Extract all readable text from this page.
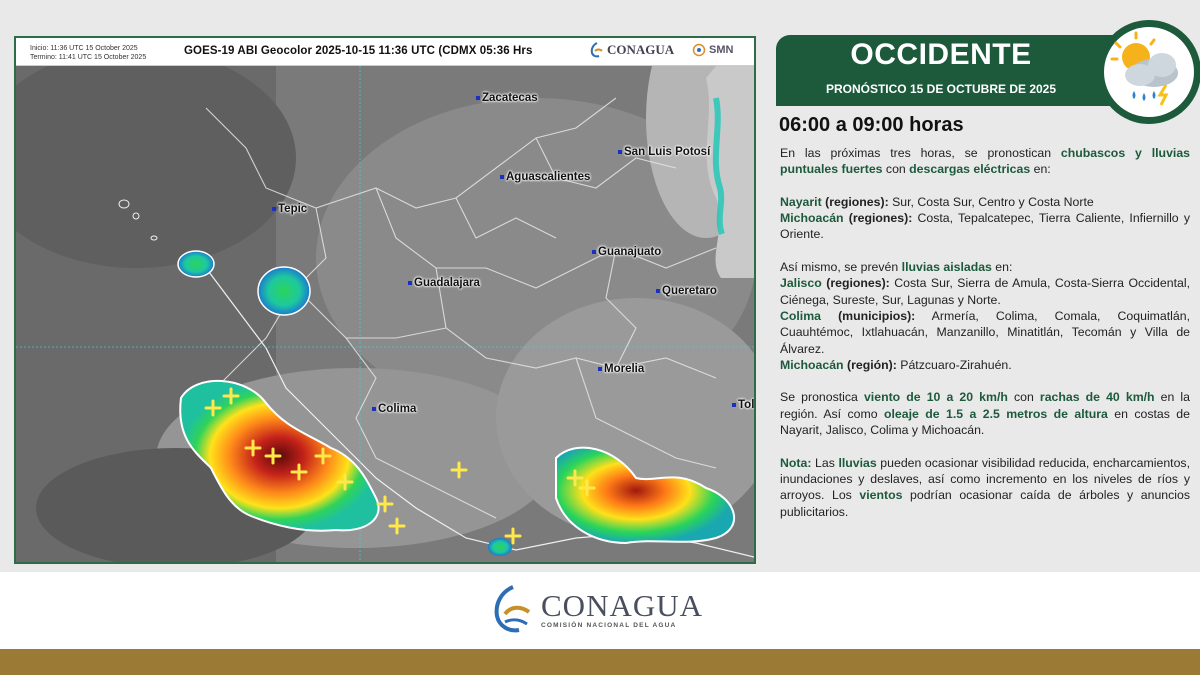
Inicio: 11:36 UTC 15 October 2025
Termino: 11:41 UTC 15 October 2025
GOES-19 ABI Geocolor 2025-10-15 11:36 UTC (CDMX 05:36 Hrs	CONAGUA	SMN
Zacatecas
San Luis Potosí
Aguascalientes
Tepic
Guadalajara
Guanajuato
Queretaro
Morelia
Colima	Tol
OCCIDENTE
PRONÓSTICO 15 DE OCTUBRE DE 2025
06:00 a 09:00 horas

En las próximas tres horas, se pronostican chubascos y lluvias puntuales fuertes con descargas eléctricas en:

Nayarit (regiones): Sur, Costa Sur, Centro y Costa Norte
Michoacán (regiones): Costa, Tepalcatepec, Tierra Caliente, Infiernillo y Oriente.

Así mismo, se prevén lluvias aisladas en:
Jalisco (regiones): Costa Sur, Sierra de Amula, Costa-Sierra Occidental, Ciénega, Sureste, Sur, Lagunas y Norte.
Colima (municipios): Armería, Colima, Comala, Coquimatlán, Cuauhtémoc, Ixtlahuacán, Manzanillo, Minatitlán, Tecomán y Villa de Álvarez.
Michoacán (región): Pátzcuaro-Zirahuén.

Se pronostica viento de 10 a 20 km/h con rachas de 40 km/h en la región. Así como oleaje de 1.5 a 2.5 metros de altura en costas de Nayarit, Jalisco, Colima y Michoacán.

Nota: Las lluvias pueden ocasionar visibilidad reducida, encharcamientos, inundaciones y deslaves, así como incremento en los niveles de ríos y arroyos. Los vientos podrían ocasionar caída de árboles y anuncios publicitarios.

CONAGUA
COMISIÓN NACIONAL DEL AGUA
